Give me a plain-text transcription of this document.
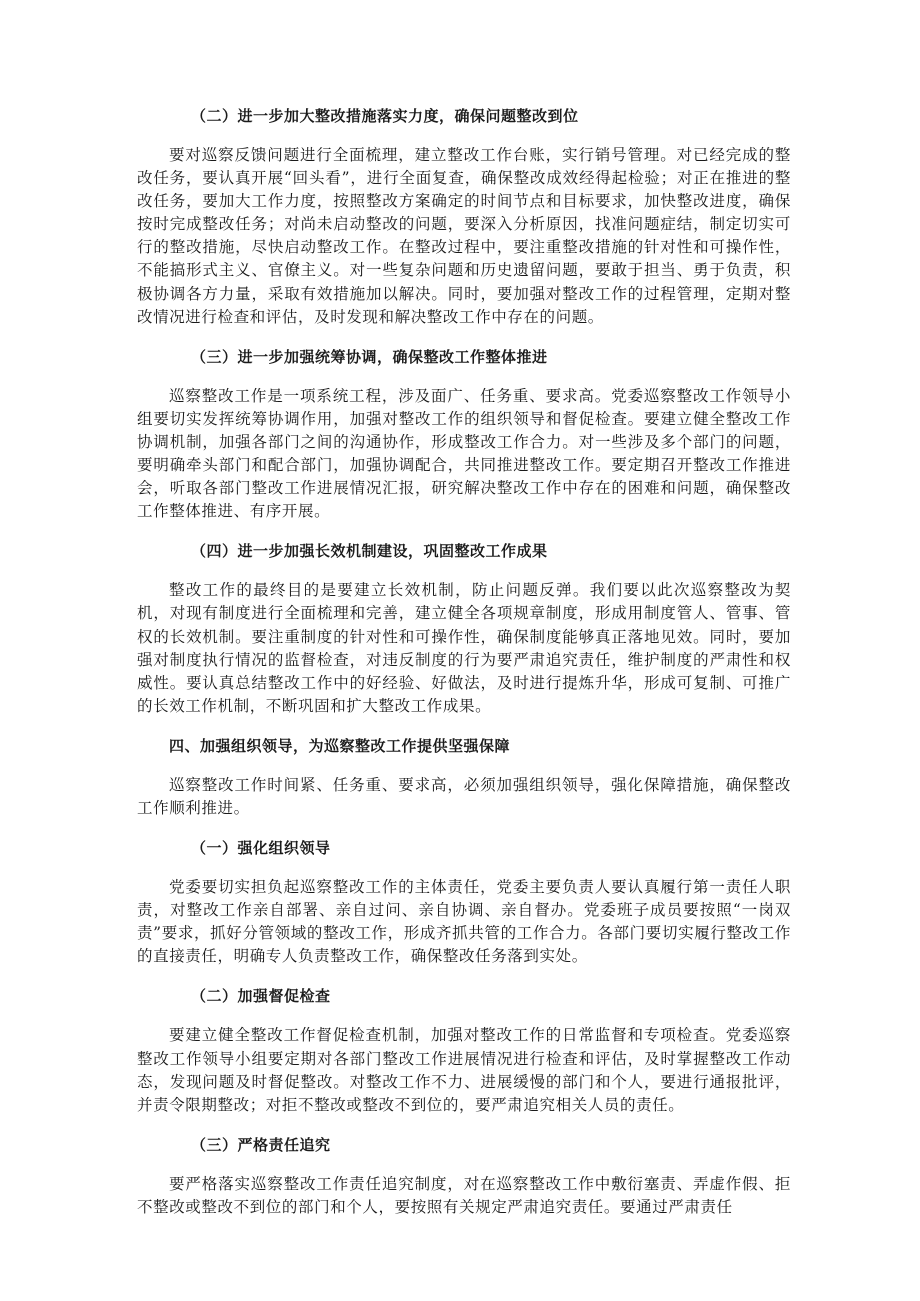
（二）进一步加大整改措施落实力度，确保问题整改到位

要对巡察反馈问题进行全面梳理，建立整改工作台账，实行销号管理。对已经完成的整改任务，要认真开展“回头看”，进行全面复查，确保整改成效经得起检验；对正在推进的整改任务，要加大工作力度，按照整改方案确定的时间节点和目标要求，加快整改进度，确保按时完成整改任务；对尚未启动整改的问题，要深入分析原因，找准问题症结，制定切实可行的整改措施，尽快启动整改工作。在整改过程中，要注重整改措施的针对性和可操作性，不能搞形式主义、官僚主义。对一些复杂问题和历史遗留问题，要敢于担当、勇于负责，积极协调各方力量，采取有效措施加以解决。同时，要加强对整改工作的过程管理，定期对整改情况进行检查和评估，及时发现和解决整改工作中存在的问题。

（三）进一步加强统筹协调，确保整改工作整体推进

巡察整改工作是一项系统工程，涉及面广、任务重、要求高。党委巡察整改工作领导小组要切实发挥统筹协调作用，加强对整改工作的组织领导和督促检查。要建立健全整改工作协调机制，加强各部门之间的沟通协作，形成整改工作合力。对一些涉及多个部门的问题，要明确牵头部门和配合部门，加强协调配合，共同推进整改工作。要定期召开整改工作推进会，听取各部门整改工作进展情况汇报，研究解决整改工作中存在的困难和问题，确保整改工作整体推进、有序开展。

（四）进一步加强长效机制建设，巩固整改工作成果

整改工作的最终目的是要建立长效机制，防止问题反弹。我们要以此次巡察整改为契机，对现有制度进行全面梳理和完善，建立健全各项规章制度，形成用制度管人、管事、管权的长效机制。要注重制度的针对性和可操作性，确保制度能够真正落地见效。同时，要加强对制度执行情况的监督检查，对违反制度的行为要严肃追究责任，维护制度的严肃性和权威性。要认真总结整改工作中的好经验、好做法，及时进行提炼升华，形成可复制、可推广的长效工作机制，不断巩固和扩大整改工作成果。

四、加强组织领导，为巡察整改工作提供坚强保障

巡察整改工作时间紧、任务重、要求高，必须加强组织领导，强化保障措施，确保整改工作顺利推进。

（一）强化组织领导

党委要切实担负起巡察整改工作的主体责任，党委主要负责人要认真履行第一责任人职责，对整改工作亲自部署、亲自过问、亲自协调、亲自督办。党委班子成员要按照“一岗双责”要求，抓好分管领域的整改工作，形成齐抓共管的工作合力。各部门要切实履行整改工作的直接责任，明确专人负责整改工作，确保整改任务落到实处。

（二）加强督促检查

要建立健全整改工作督促检查机制，加强对整改工作的日常监督和专项检查。党委巡察整改工作领导小组要定期对各部门整改工作进展情况进行检查和评估，及时掌握整改工作动态，发现问题及时督促整改。对整改工作不力、进展缓慢的部门和个人，要进行通报批评，并责令限期整改；对拒不整改或整改不到位的，要严肃追究相关人员的责任。

（三）严格责任追究

要严格落实巡察整改工作责任追究制度，对在巡察整改工作中敷衍塞责、弄虚作假、拒不整改或整改不到位的部门和个人，要按照有关规定严肃追究责任。要通过严肃责任
